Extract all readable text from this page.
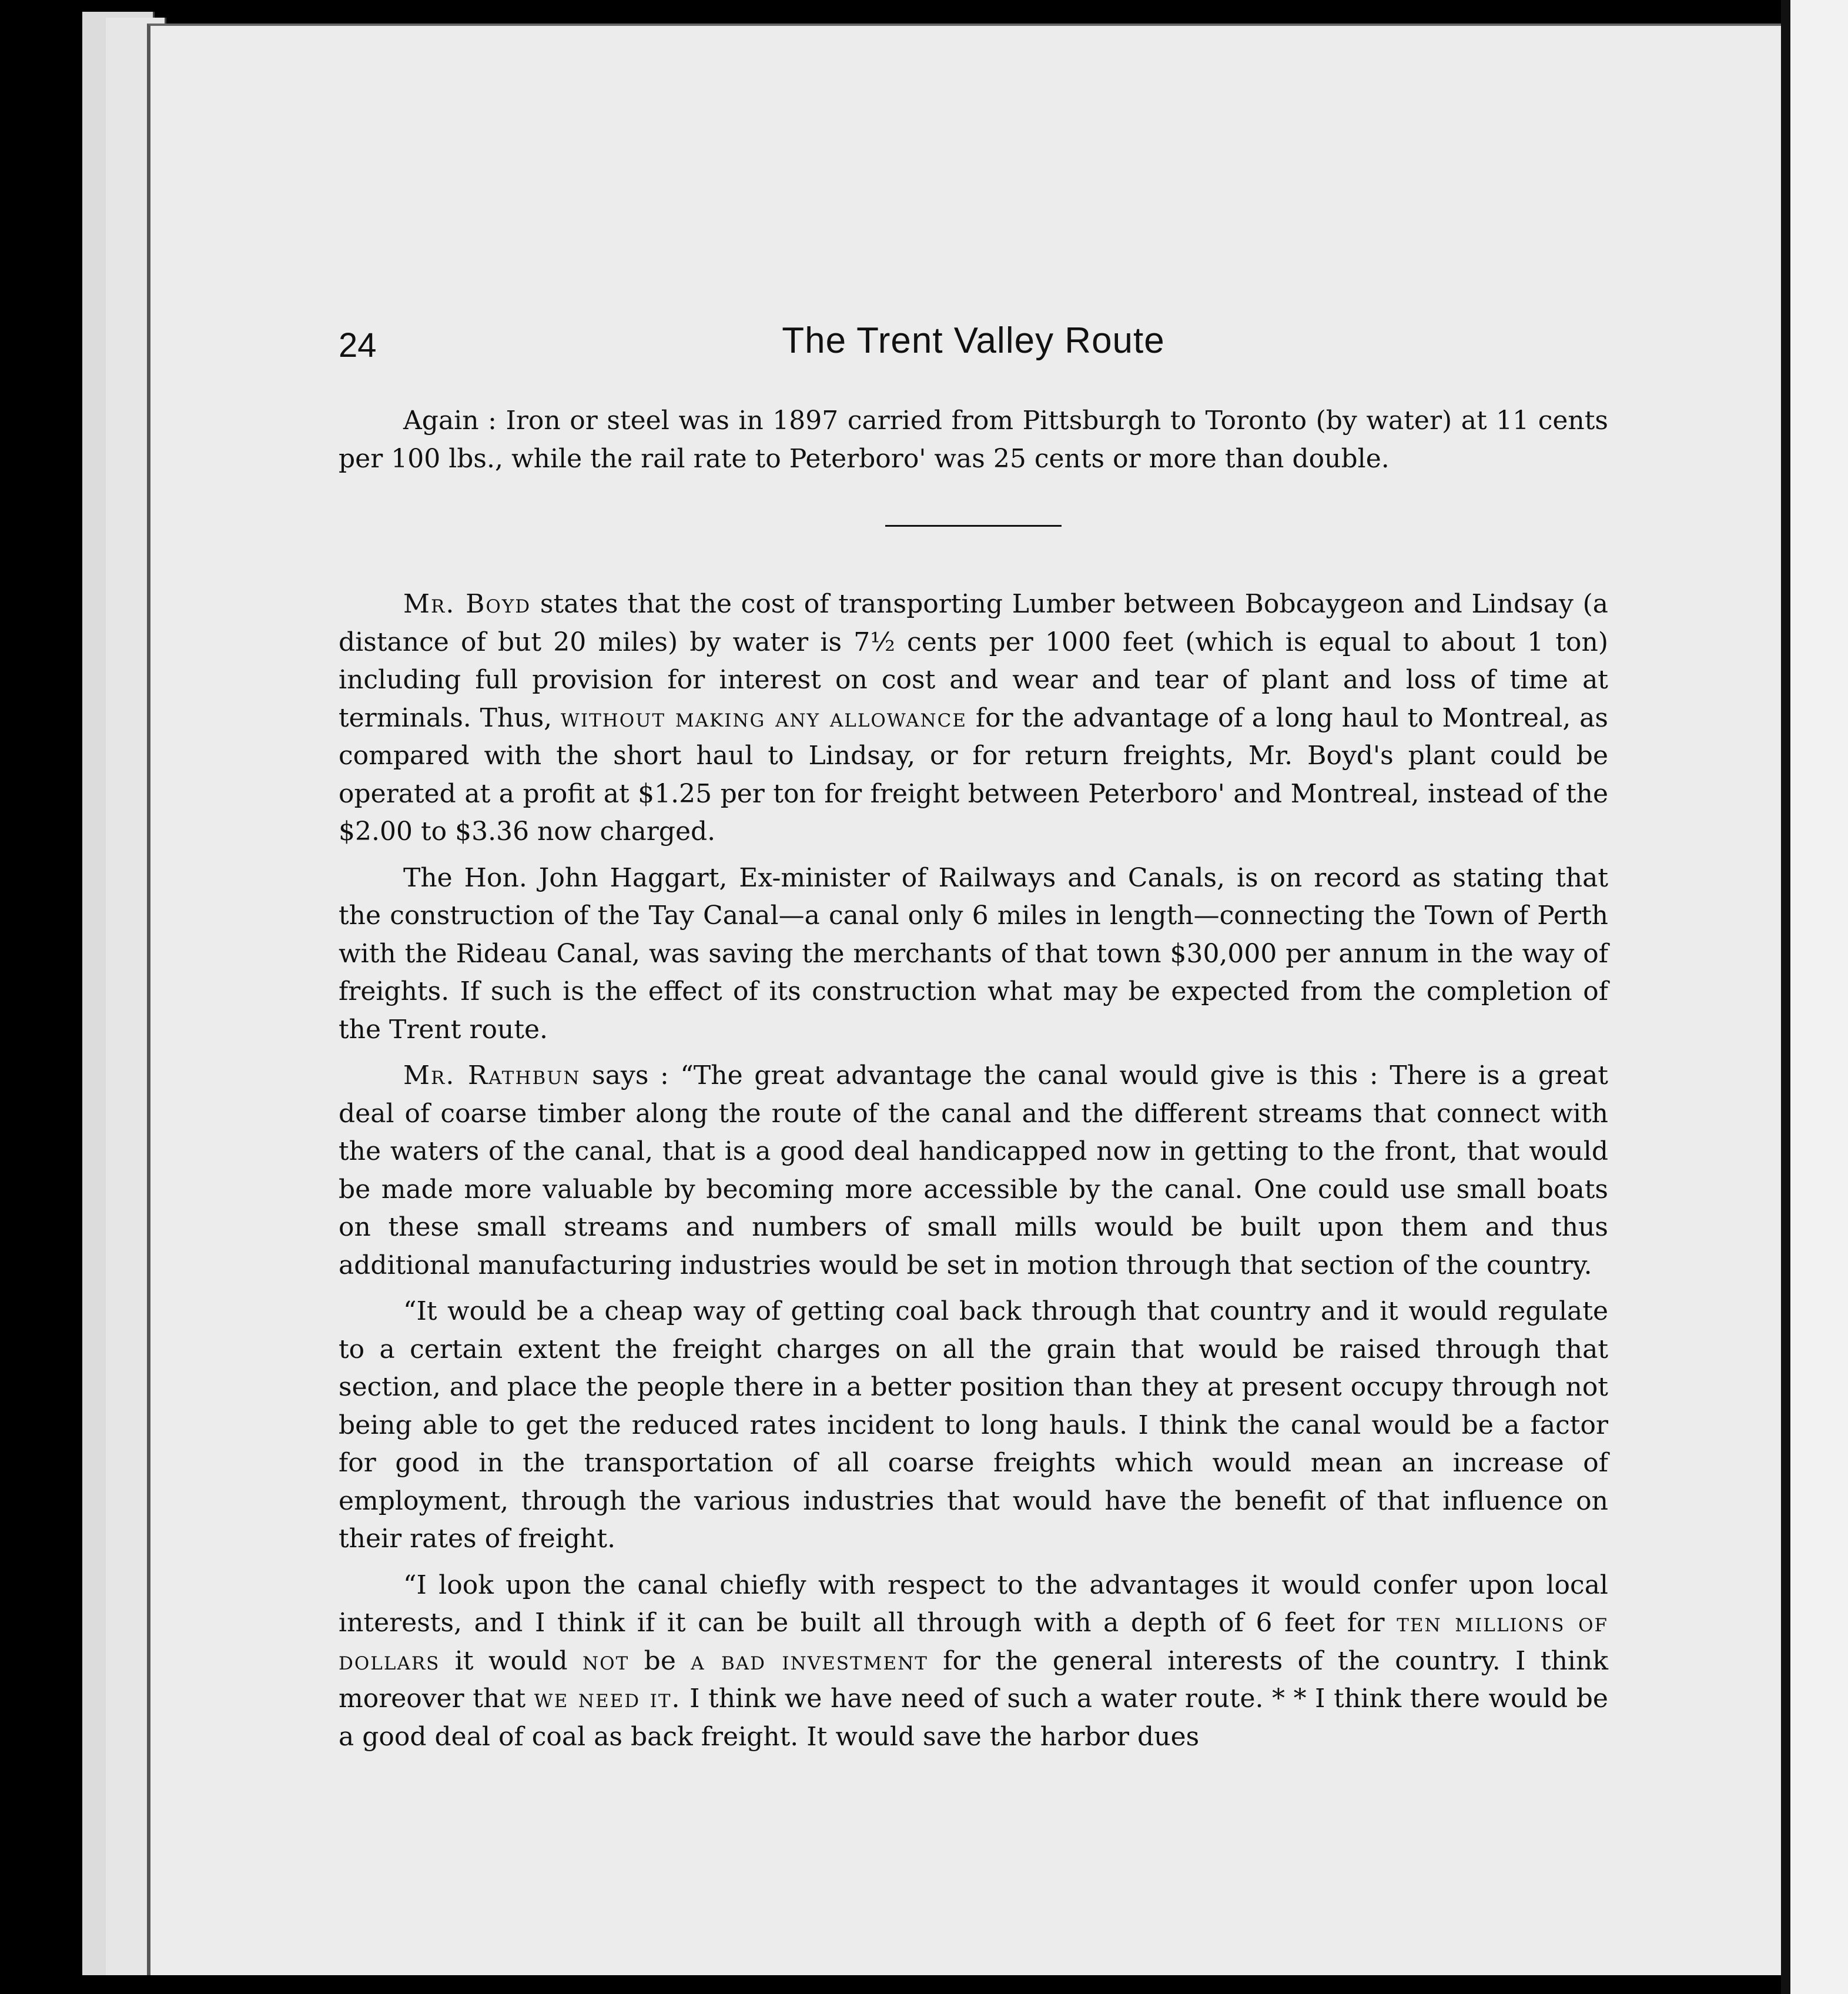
24	The Trent Valley Route

Again : Iron or steel was in 1897 carried from Pittsburgh to Toronto (by water) at 11 cents per 100 lbs., while the rail rate to Peterboro' was 25 cents or more than double.

Mr. Boyd states that the cost of transporting Lumber between Bobcaygeon and Lindsay (a distance of but 20 miles) by water is 7½ cents per 1000 feet (which is equal to about 1 ton) including full provision for interest on cost and wear and tear of plant and loss of time at terminals. Thus, without making any allowance for the advantage of a long haul to Montreal, as compared with the short haul to Lindsay, or for return freights, Mr. Boyd's plant could be operated at a profit at $1.25 per ton for freight between Peterboro' and Montreal, instead of the $2.00 to $3.36 now charged.

The Hon. John Haggart, Ex-minister of Railways and Canals, is on record as stating that the construction of the Tay Canal—a canal only 6 miles in length—connecting the Town of Perth with the Rideau Canal, was saving the merchants of that town $30,000 per annum in the way of freights. If such is the effect of its construction what may be expected from the completion of the Trent route.

Mr. Rathbun says : “The great advantage the canal would give is this : There is a great deal of coarse timber along the route of the canal and the different streams that connect with the waters of the canal, that is a good deal handicapped now in getting to the front, that would be made more valuable by becoming more accessible by the canal. One could use small boats on these small streams and numbers of small mills would be built upon them and thus additional manufacturing industries would be set in motion through that section of the country.

“It would be a cheap way of getting coal back through that country and it would regulate to a certain extent the freight charges on all the grain that would be raised through that section, and place the people there in a better position than they at present occupy through not being able to get the reduced rates incident to long hauls. I think the canal would be a factor for good in the transportation of all coarse freights which would mean an increase of employment, through the various industries that would have the benefit of that influence on their rates of freight.

“I look upon the canal chiefly with respect to the advantages it would confer upon local interests, and I think if it can be built all through with a depth of 6 feet for ten millions of dollars it would not be a bad investment for the general interests of the country. I think moreover that we need it. I think we have need of such a water route. * * I think there would be a good deal of coal as back freight. It would save the harbor dues
